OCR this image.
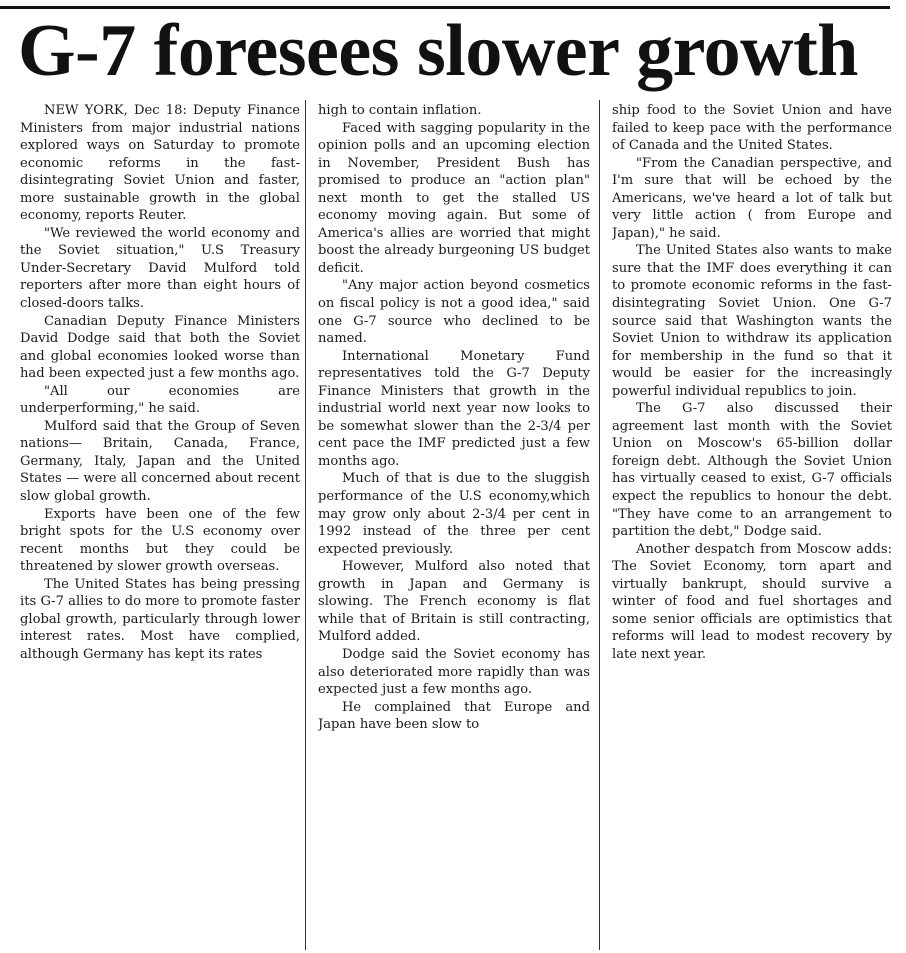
G-7 foresees slower growth

NEW YORK, Dec 18: Deputy Finance Ministers from major industrial nations explored ways on Saturday to promote economic reforms in the fast-disintegrating Soviet Union and faster, more sustainable growth in the global economy, reports Reuter.

"We reviewed the world economy and the Soviet situation," U.S Treasury Under-Secretary David Mulford told reporters after more than eight hours of closed-doors talks.

Canadian Deputy Finance Ministers David Dodge said that both the Soviet and global economies looked worse than had been expected just a few months ago.

"All our economies are underperforming," he said.

Mulford said that the Group of Seven nations— Britain, Canada, France, Germany, Italy, Japan and the United States — were all concerned about recent slow global growth.

Exports have been one of the few bright spots for the U.S economy over recent months but they could be threatened by slower growth overseas.

The United States has being pressing its G-7 allies to do more to promote faster global growth, particularly through lower interest rates. Most have complied, although Germany has kept its rates

high to contain inflation.

Faced with sagging popularity in the opinion polls and an upcoming election in November, President Bush has promised to produce an "action plan" next month to get the stalled US economy moving again. But some of America's allies are worried that might boost the already burgeoning US budget deficit.

"Any major action beyond cosmetics on fiscal policy is not a good idea," said one G-7 source who declined to be named.

International Monetary Fund representatives told the G-7 Deputy Finance Ministers that growth in the industrial world next year now looks to be somewhat slower than the 2-3/4 per cent pace the IMF predicted just a few months ago.

Much of that is due to the sluggish performance of the U.S economy,which may grow only about 2-3/4 per cent in 1992 instead of the three per cent expected previously.

However, Mulford also noted that growth in Japan and Germany is slowing. The French economy is flat while that of Britain is still contracting, Mulford added.

Dodge said the Soviet economy has also deteriorated more rapidly than was expected just a few months ago.

He complained that Europe and Japan have been slow to

ship food to the Soviet Union and have failed to keep pace with the performance of Canada and the United States.

"From the Canadian perspective, and I'm sure that will be echoed by the Americans, we've heard a lot of talk but very little action ( from Europe and Japan)," he said.

The United States also wants to make sure that the IMF does everything it can to promote economic reforms in the fast-disintegrating Soviet Union. One G-7 source said that Washington wants the Soviet Union to withdraw its application for membership in the fund so that it would be easier for the increasingly powerful individual republics to join.

The G-7 also discussed their agreement last month with the Soviet Union on Moscow's 65-billion dollar foreign debt. Although the Soviet Union has virtually ceased to exist, G-7 officials expect the republics to honour the debt. "They have come to an arrangement to partition the debt," Dodge said.

Another despatch from Moscow adds: The Soviet Economy, torn apart and virtually bankrupt, should survive a winter of food and fuel shortages and some senior officials are optimistics that reforms will lead to modest recovery by late next year.
